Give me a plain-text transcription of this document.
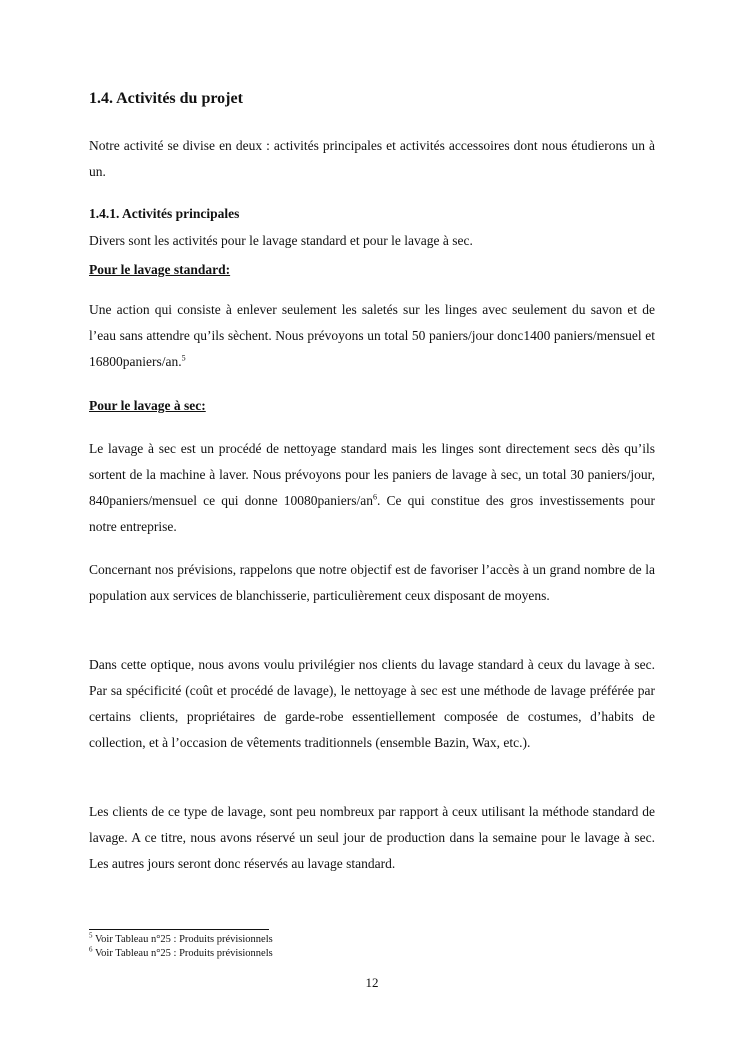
1.4. Activités du projet

Notre activité se divise en deux : activités principales et activités accessoires dont nous étudierons un à un.

1.4.1. Activités principales

Divers sont les activités pour le lavage standard et pour le lavage à sec.

Pour le lavage standard:

Une action qui consiste à enlever seulement les saletés sur les linges avec seulement du savon et de l’eau sans attendre qu’ils sèchent. Nous prévoyons un total 50 paniers/jour donc1400 paniers/mensuel et 16800paniers/an.$^5$

Pour le lavage à sec:

Le lavage à sec est un procédé de nettoyage standard mais les linges sont directement secs dès qu’ils sortent de la machine à laver. Nous prévoyons pour les paniers de lavage à sec, un total 30 paniers/jour, 840paniers/mensuel ce qui donne $10080paniers/an^6$. Ce qui constitue des gros investissements pour notre entreprise.

Concernant nos prévisions, rappelons que notre objectif est de favoriser l’accès à un grand nombre de la population aux services de blanchisserie, particulièrement ceux disposant de moyens.

Dans cette optique, nous avons voulu privilégier nos clients du lavage standard à ceux du lavage à sec. Par sa spécificité (coût et procédé de lavage), le nettoyage à sec est une méthode de lavage préférée par certains clients, propriétaires de garde-robe essentiellement composée de costumes, d’habits de collection, et à l’occasion de vêtements traditionnels (ensemble Bazin, Wax, etc.).

Les clients de ce type de lavage, sont peu nombreux par rapport à ceux utilisant la méthode standard de lavage. A ce titre, nous avons réservé un seul jour de production dans la semaine pour le lavage à sec. Les autres jours seront donc réservés au lavage standard.

$^5$ Voir Tableau n°25 : Produits prévisionnels

$^6$ Voir Tableau n°25 : Produits prévisionnels

12
